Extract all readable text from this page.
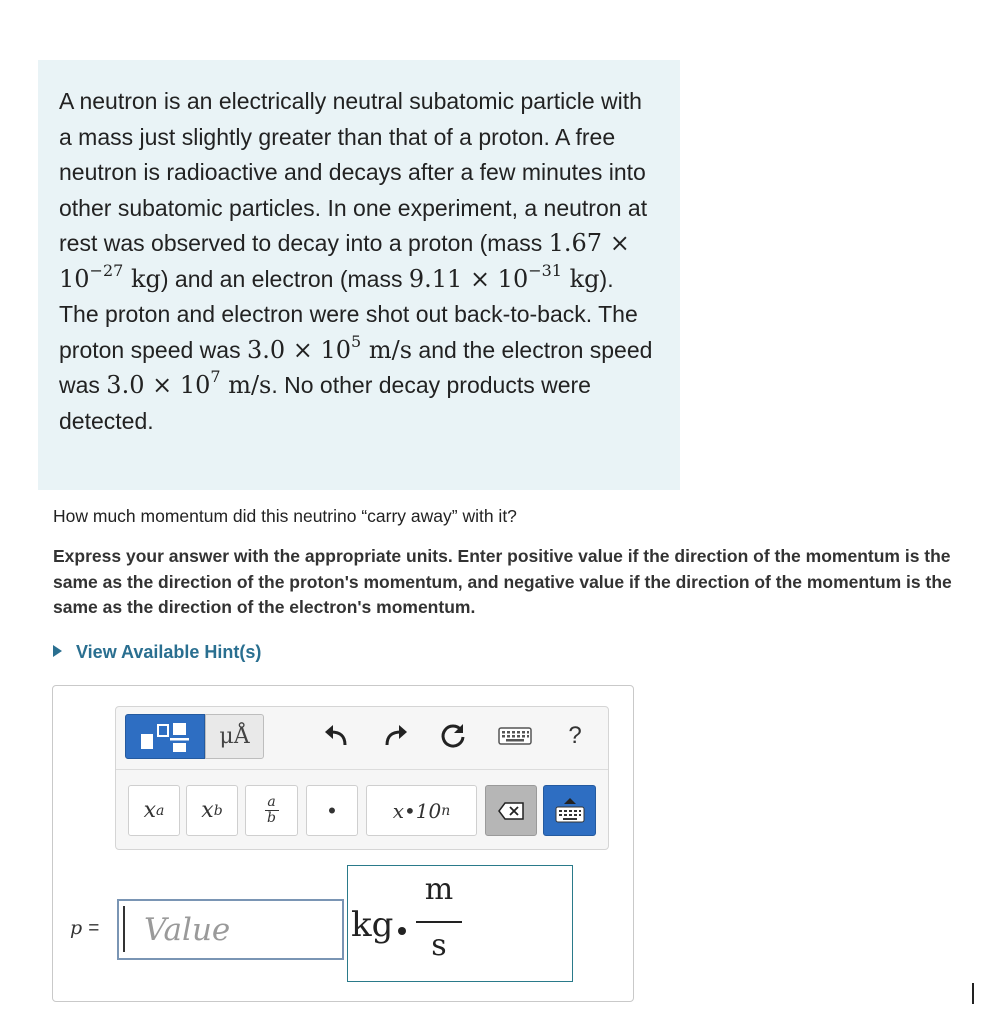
A neutron is an electrically neutral subatomic particle with a mass just slightly greater than that of a proton. A free neutron is radioactive and decays after a few minutes into other subatomic particles. In one experiment, a neutron at rest was observed to decay into a proton (mass $1.67 \times 10^{-27}$ kg) and an electron (mass $9.11 \times 10^{-31}$ kg). The proton and electron were shot out back-to-back. The proton speed was $3.0 \times 10^5$ m/s and the electron speed was $3.0 \times 10^7$ m/s. No other decay products were detected.

How much momentum did this neutrino “carry away” with it?

Express your answer with the appropriate units. Enter positive value if the direction of the momentum is the same as the direction of the proton's momentum, and negative value if the direction of the momentum is the same as the direction of the electron's momentum.

View Available Hint(s)
μÅ	?
x a x b
a
b	•	x•10 n
p =
Value	kg
m
s
